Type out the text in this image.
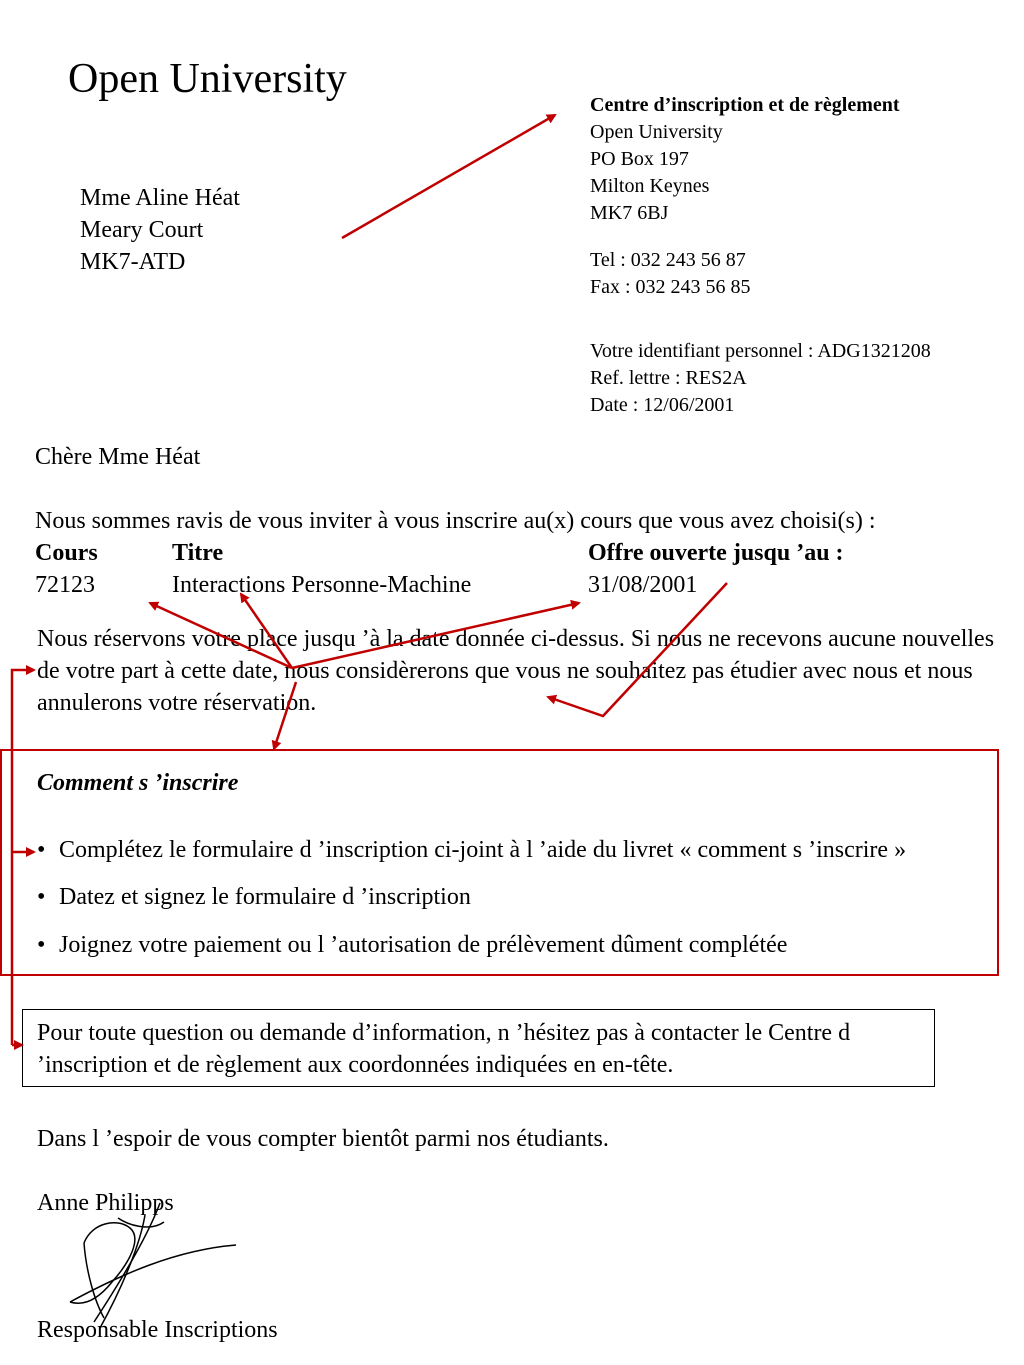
Open University
Mme Aline Héat
Meary Court
MK7-ATD
Centre d’inscription et de règlement
Open University
PO Box 197
Milton Keynes
MK7 6BJ
Tel : 032 243 56 87
Fax : 032 243 56 85
Votre identifiant personnel : ADG1321208
Ref. lettre : RES2A
Date : 12/06/2001
Chère Mme Héat
Nous sommes ravis de vous inviter à vous inscrire au(x) cours que vous avez choisi(s) :
Cours	Titre	Offre ouverte jusqu ’au :
72123	Interactions Personne-Machine	31/08/2001
Nous réservons votre place jusqu ’à la date donnée ci-dessus. Si nous ne recevons aucune nouvelles de votre part à cette date, nous considèrerons que vous ne souhaitez pas étudier avec nous et nous annulerons votre réservation.
Comment s ’inscrire
• Complétez le formulaire d ’inscription ci-joint à l ’aide du livret « comment s ’inscrire »
• Datez et signez le formulaire d ’inscription
• Joignez votre paiement ou l ’autorisation de prélèvement dûment complétée
Pour toute question ou demande d’information, n ’hésitez pas à contacter le Centre d ’inscription et de règlement aux coordonnées indiquées en en-tête.
Dans l ’espoir de vous compter bientôt parmi nos étudiants.
Anne Philipps
Responsable Inscriptions
